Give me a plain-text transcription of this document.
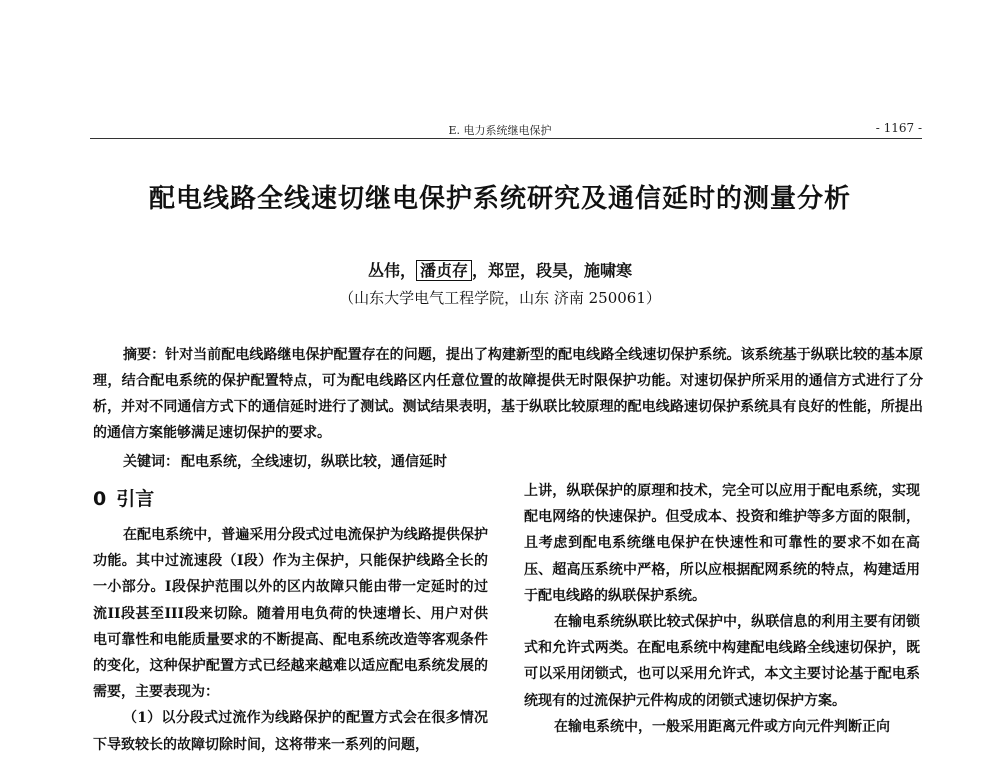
E. 电力系统继电保护	- 1167 -
配电线路全线速切继电保护系统研究及通信延时的测量分析
丛伟， 潘贞存 ，郑罡，段昊，施啸寒
（山东大学电气工程学院，山东 济南 250061）

摘要：针对当前配电线路继电保护配置存在的问题，提出了构建新型的配电线路全线速切保护系统。该系统基于纵联比较的基本原理，结合配电系统的保护配置特点，可为配电线路区内任意位置的故障提供无时限保护功能。对速切保护所采用的通信方式进行了分析，并对不同通信方式下的通信延时进行了测试。测试结果表明，基于纵联比较原理的配电线路速切保护系统具有良好的性能，所提出的通信方案能够满足速切保护的要求。

关键词： 配电系统，全线速切，纵联比较，通信延时
0 引言

在配电系统中，普遍采用分段式过电流保护为线路提供保护功能。其中过流速段（I段）作为主保护，只能保护线路全长的一小部分。I段保护范围以外的区内故障只能由带一定延时的过流II段甚至III段来切除。随着用电负荷的快速增长、用户对供电可靠性和电能质量要求的不断提高、配电系统改造等客观条件的变化，这种保护配置方式已经越来越难以适应配电系统发展的需要，主要表现为：

（1）以分段式过流作为线路保护的配置方式会在很多情况下导致较长的故障切除时间，这将带来一系列的问题，

上讲，纵联保护的原理和技术，完全可以应用于配电系统，实现配电网络的快速保护。但受成本、投资和维护等多方面的限制，且考虑到配电系统继电保护在快速性和可靠性的要求不如在高压、超高压系统中严格，所以应根据配网系统的特点，构建适用于配电线路的纵联保护系统。

在输电系统纵联比较式保护中，纵联信息的利用主要有闭锁式和允许式两类。在配电系统中构建配电线路全线速切保护，既可以采用闭锁式，也可以采用允许式，本文主要讨论基于配电系统现有的过流保护元件构成的闭锁式速切保护方案。

在输电系统中，一般采用距离元件或方向元件判断正向
